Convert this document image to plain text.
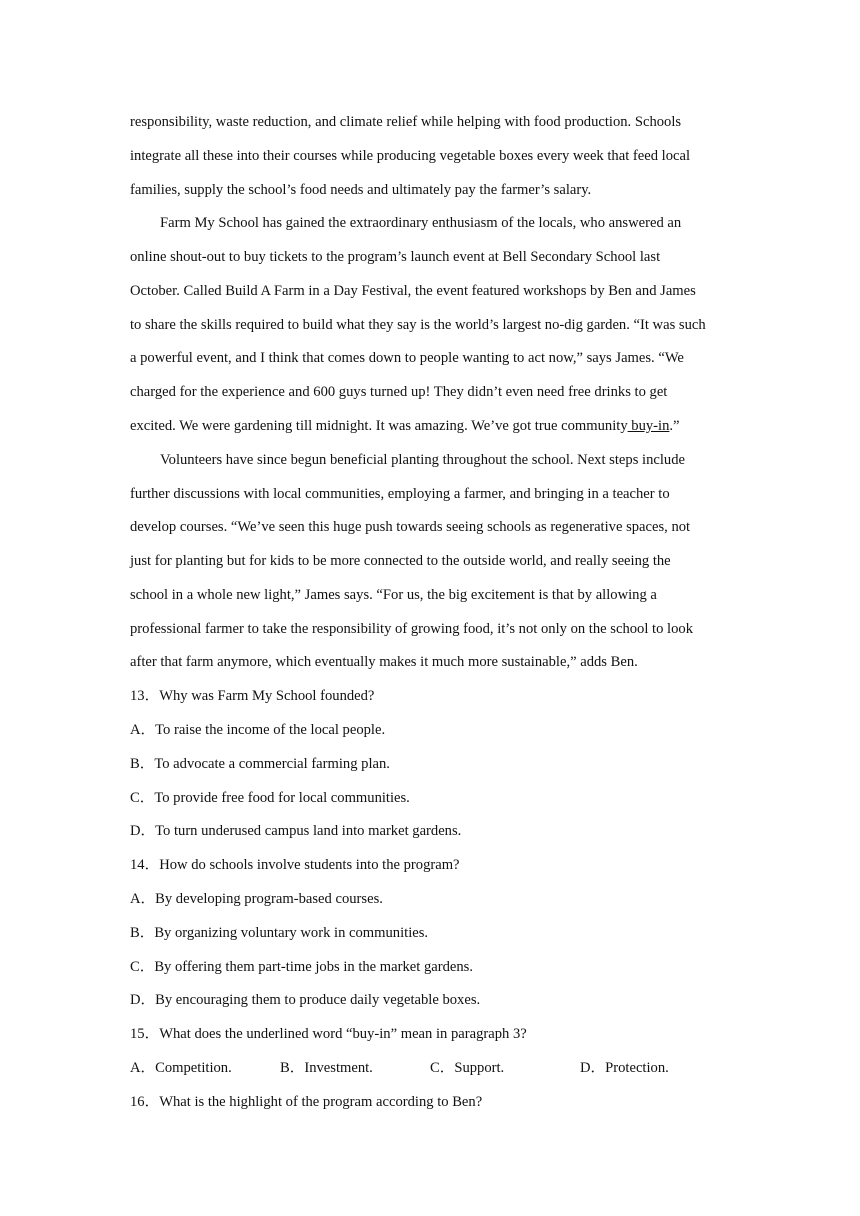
responsibility, waste reduction, and climate relief while helping with food production. Schools
integrate all these into their courses while producing vegetable boxes every week that feed local
families, supply the school’s food needs and ultimately pay the farmer’s salary.
Farm My School has gained the extraordinary enthusiasm of the locals, who answered an
online shout-out to buy tickets to the program’s launch event at Bell Secondary School last
October. Called Build A Farm in a Day Festival, the event featured workshops by Ben and James
to share the skills required to build what they say is the world’s largest no-dig garden. “It was such
a powerful event, and I think that comes down to people wanting to act now,” says James. “We
charged for the experience and 600 guys turned up! They didn’t even need free drinks to get
excited. We were gardening till midnight. It was amazing. We’ve got true community buy-in.”
Volunteers have since begun beneficial planting throughout the school. Next steps include
further discussions with local communities, employing a farmer, and bringing in a teacher to
develop courses. “We’ve seen this huge push towards seeing schools as regenerative spaces, not
just for planting but for kids to be more connected to the outside world, and really seeing the
school in a whole new light,” James says. “For us, the big excitement is that by allowing a
professional farmer to take the responsibility of growing food, it’s not only on the school to look
after that farm anymore, which eventually makes it much more sustainable,” adds Ben.
13．Why was Farm My School founded?
A．To raise the income of the local people.
B．To advocate a commercial farming plan.
C．To provide free food for local communities.
D．To turn underused campus land into market gardens.
14．How do schools involve students into the program?
A．By developing program-based courses.
B．By organizing voluntary work in communities.
C．By offering them part-time jobs in the market gardens.
D．By encouraging them to produce daily vegetable boxes.
15．What does the underlined word “buy-in” mean in paragraph 3?
A．Competition.	B．Investment.	C．Support.	D．Protection.
16．What is the highlight of the program according to Ben?
